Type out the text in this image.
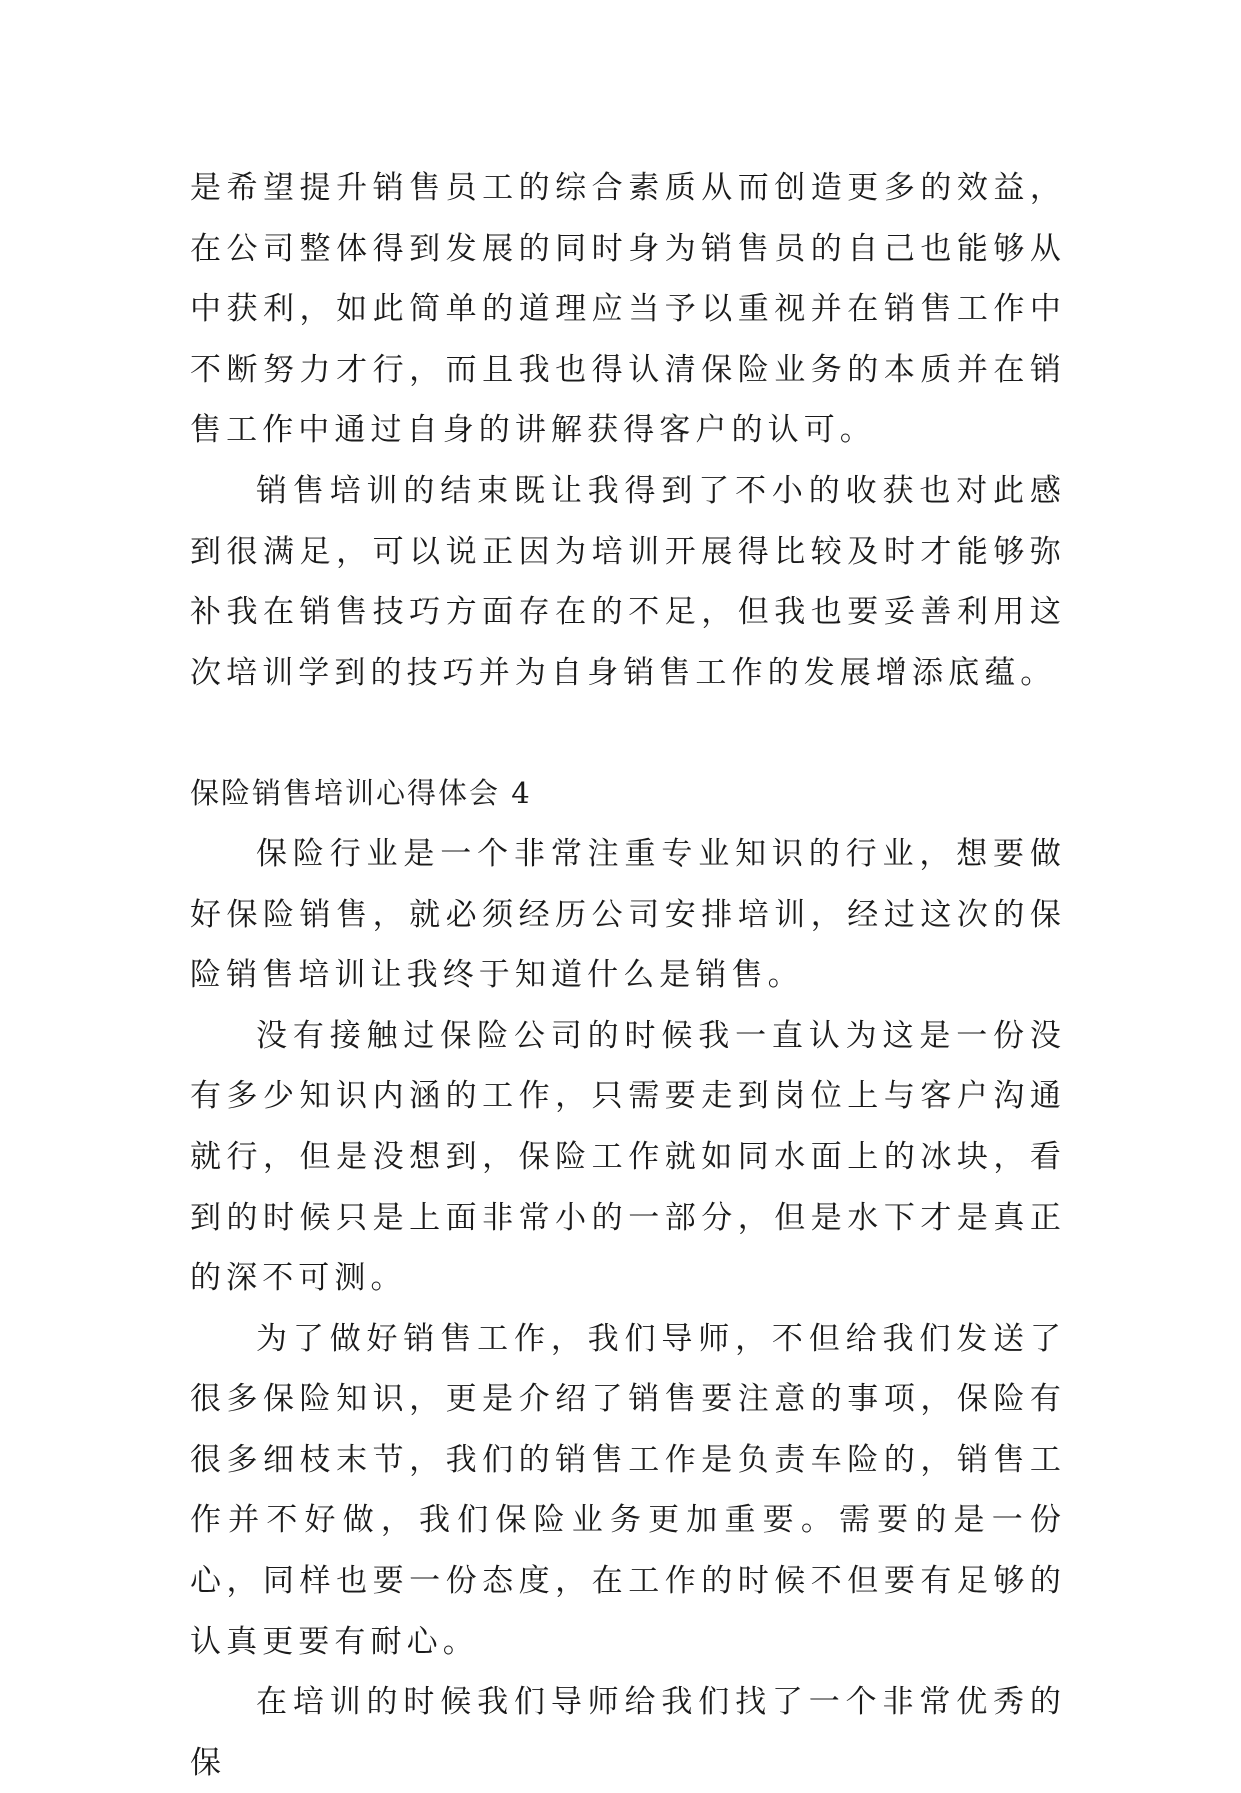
是希望提升销售员工的综合素质从而创造更多的效益，在公司整体得到发展的同时身为销售员的自己也能够从中获利，如此简单的道理应当予以重视并在销售工作中不断努力才行，而且我也得认清保险业务的本质并在销售工作中通过自身的讲解获得客户的认可。

销售培训的结束既让我得到了不小的收获也对此感到很满足，可以说正因为培训开展得比较及时才能够弥补我在销售技巧方面存在的不足，但我也要妥善利用这次培训学到的技巧并为自身销售工作的发展增添底蕴。

保险销售培训心得体会 4

保险行业是一个非常注重专业知识的行业，想要做好保险销售，就必须经历公司安排培训，经过这次的保险销售培训让我终于知道什么是销售。

没有接触过保险公司的时候我一直认为这是一份没有多少知识内涵的工作，只需要走到岗位上与客户沟通就行，但是没想到，保险工作就如同水面上的冰块，看到的时候只是上面非常小的一部分，但是水下才是真正的深不可测。

为了做好销售工作，我们导师，不但给我们发送了很多保险知识，更是介绍了销售要注意的事项，保险有很多细枝末节，我们的销售工作是负责车险的，销售工作并不好做，我们保险业务更加重要。需要的是一份心，同样也要一份态度，在工作的时候不但要有足够的认真更要有耐心。

在培训的时候我们导师给我们找了一个非常优秀的保
